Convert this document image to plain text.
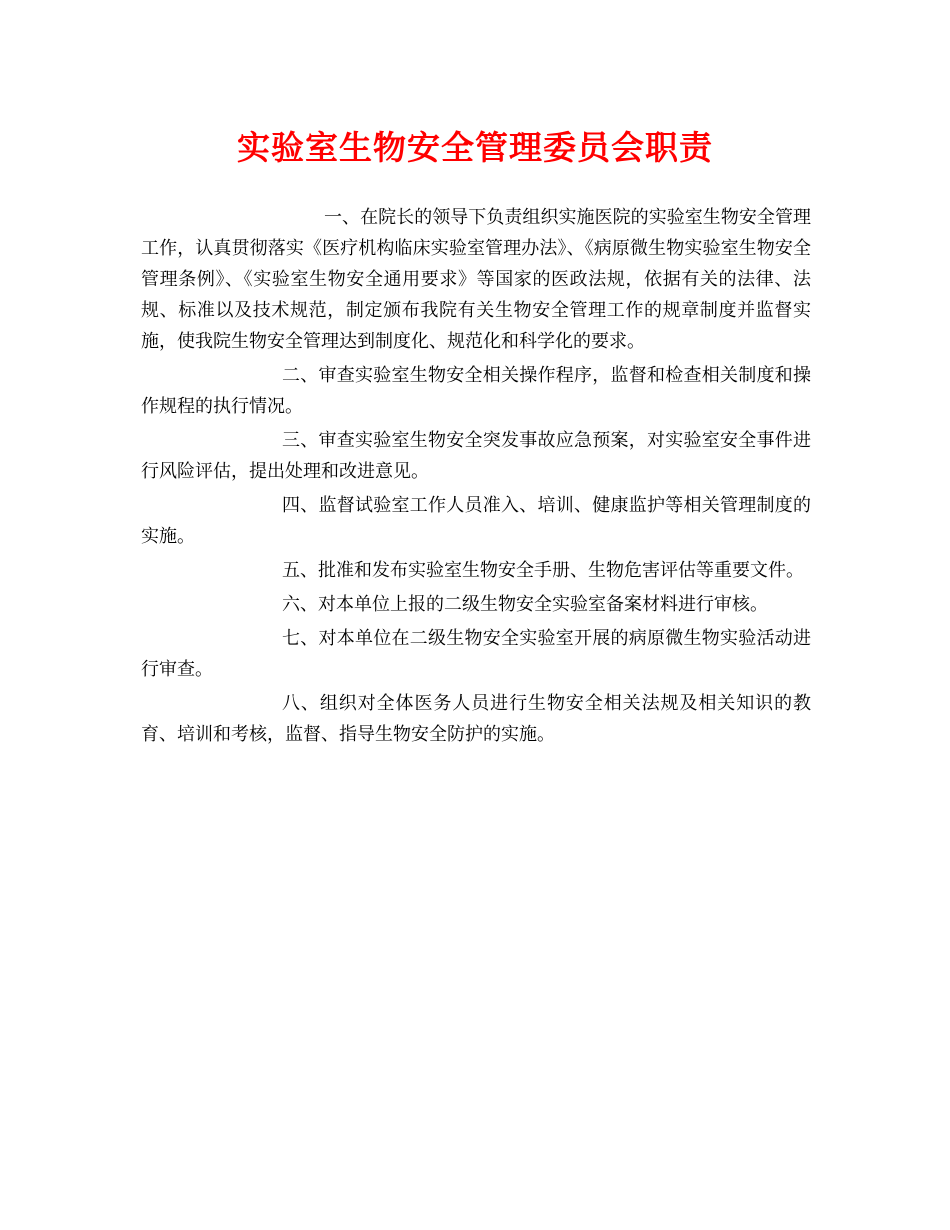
实验室生物安全管理委员会职责

一、在院长的领导下负责组织实施医院的实验室生物安全管理工作，认真贯彻落实《医疗机构临床实验室管理办法》、《病原微生物实验室生物安全管理条例》、《实验室生物安全通用要求》等国家的医政法规，依据有关的法律、法规、标准以及技术规范，制定颁布我院有关生物安全管理工作的规章制度并监督实施，使我院生物安全管理达到制度化、规范化和科学化的要求。

二、审查实验室生物安全相关操作程序，监督和检查相关制度和操作规程的执行情况。

三、审查实验室生物安全突发事故应急预案，对实验室安全事件进行风险评估，提出处理和改进意见。

四、监督试验室工作人员准入、培训、健康监护等相关管理制度的实施。

五、批准和发布实验室生物安全手册、生物危害评估等重要文件。

六、对本单位上报的二级生物安全实验室备案材料进行审核。

七、对本单位在二级生物安全实验室开展的病原微生物实验活动进行审查。

八、组织对全体医务人员进行生物安全相关法规及相关知识的教育、培训和考核，监督、指导生物安全防护的实施。
